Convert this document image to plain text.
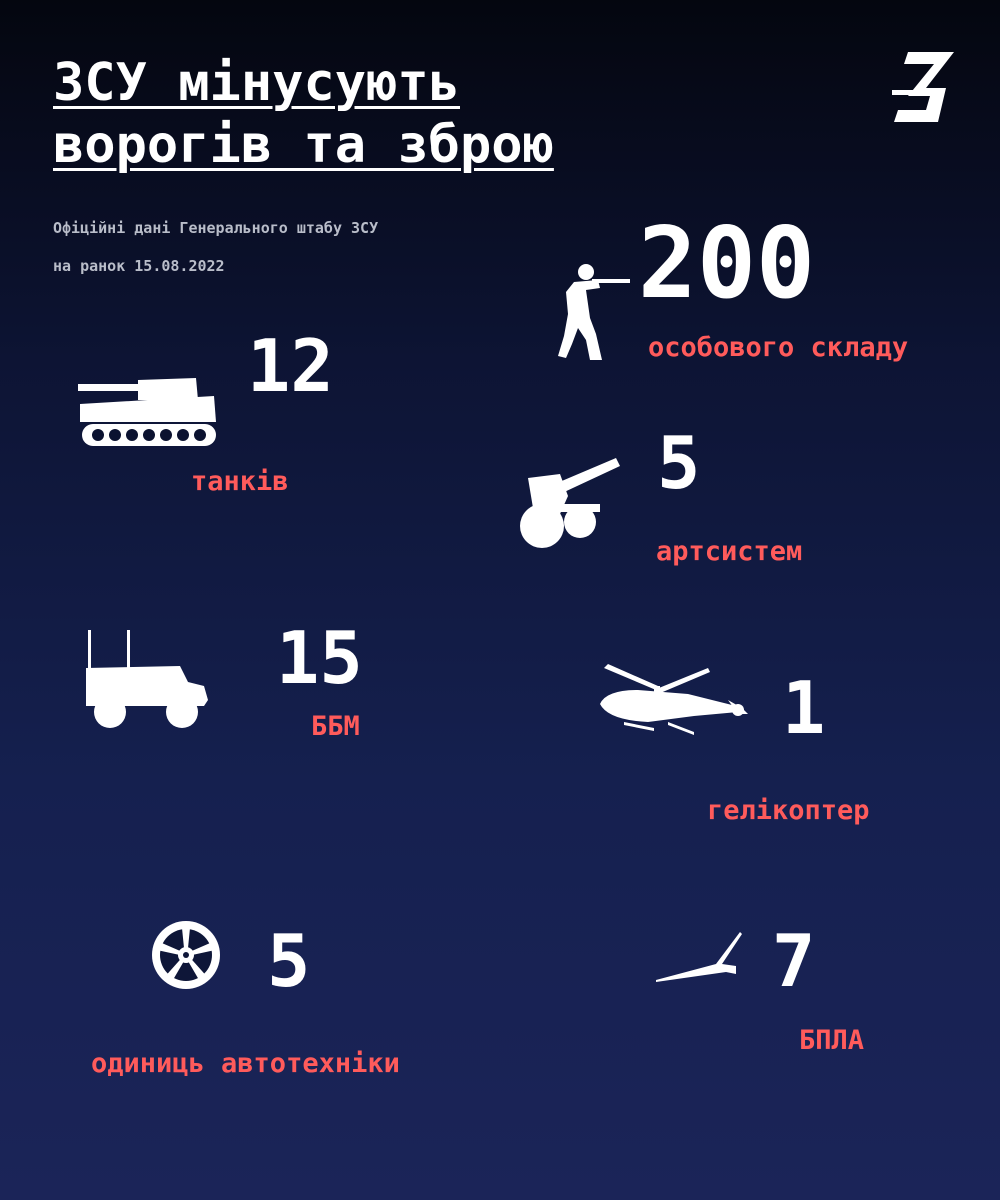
ЗСУ мінусують
ворогів та зброю
Офіційні дані Генерального штабу ЗСУ
на ранок 15.08.2022	200
особового складу
12
танків	5
артсистем
15
ББМ	1
гелікоптер
5
одиниць автотехніки
7
БПЛА
